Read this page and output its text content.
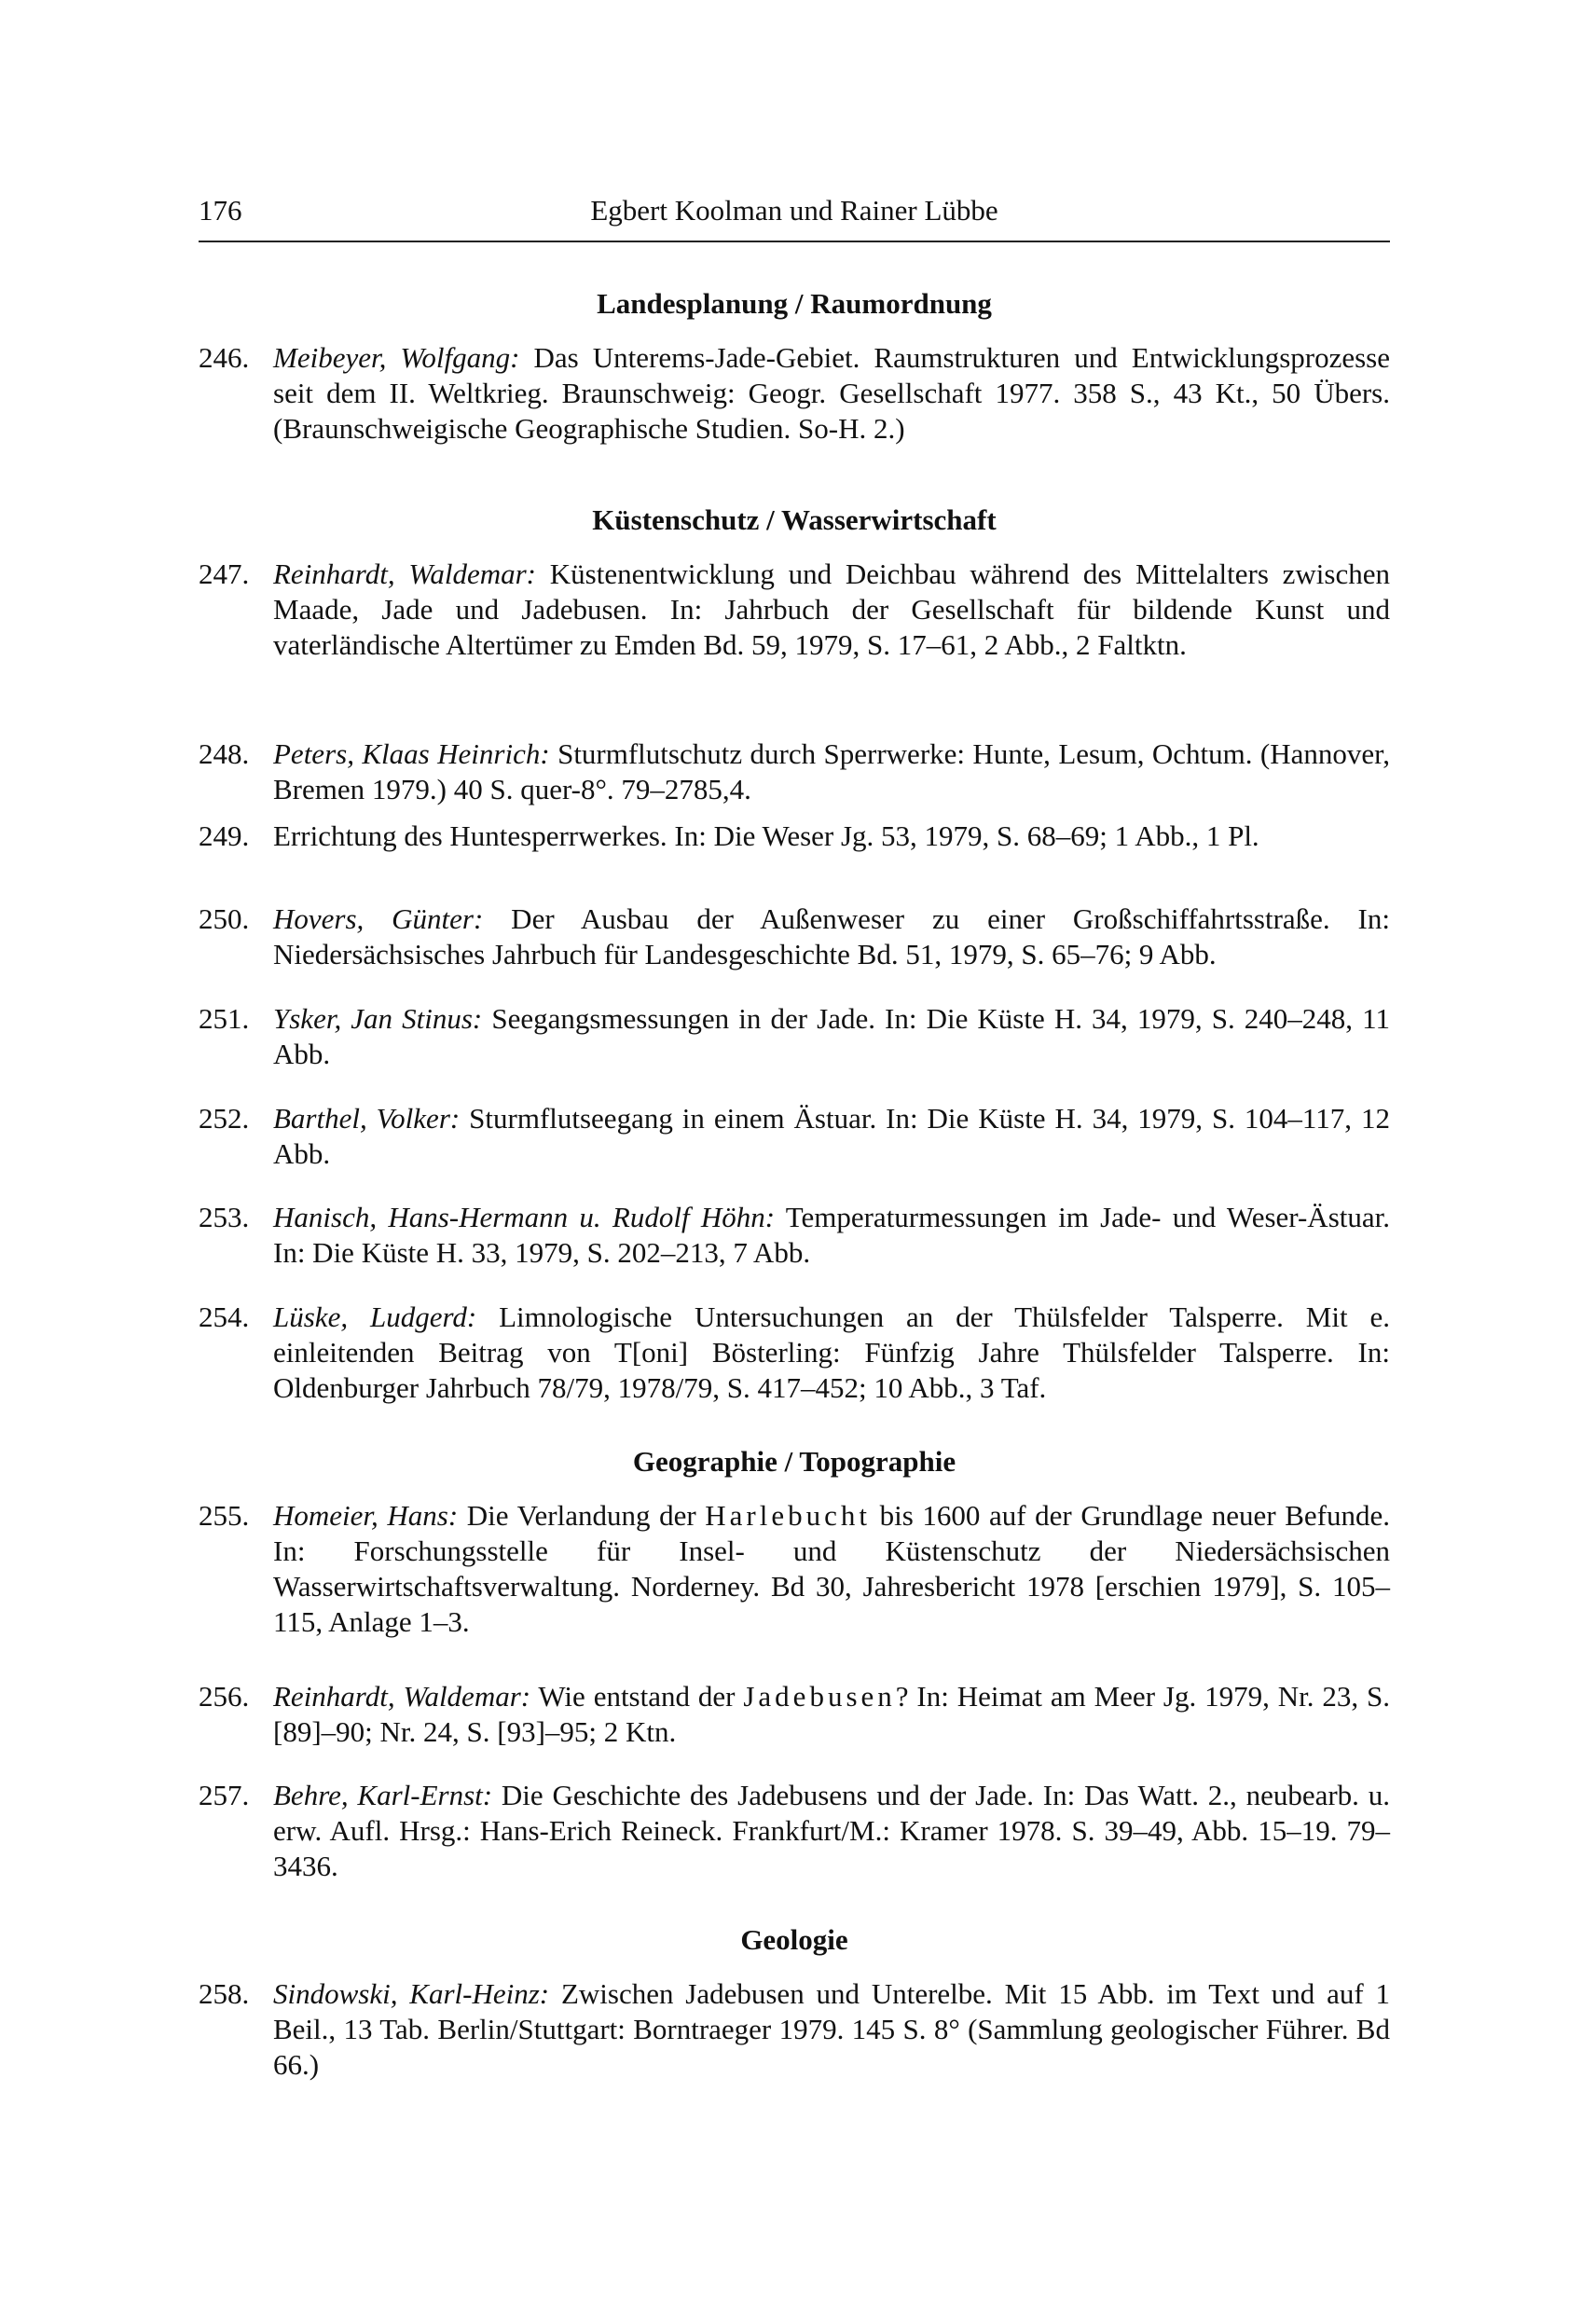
176	Egbert Koolman und Rainer Lübbe
Landesplanung / Raumordnung
246. Meibeyer, Wolfgang: Das Unterems-Jade-Gebiet. Raumstrukturen und Entwicklungsprozesse seit dem II. Weltkrieg. Braunschweig: Geogr. Gesellschaft 1977. 358 S., 43 Kt., 50 Übers. (Braunschweigische Geographische Studien. So-H. 2.)
Küstenschutz / Wasserwirtschaft
247. Reinhardt, Waldemar: Küstenentwicklung und Deichbau während des Mittelalters zwischen Maade, Jade und Jadebusen. In: Jahrbuch der Gesellschaft für bildende Kunst und vaterländische Altertümer zu Emden Bd. 59, 1979, S. 17–61, 2 Abb., 2 Faltktn.
248. Peters, Klaas Heinrich: Sturmflutschutz durch Sperrwerke: Hunte, Lesum, Ochtum. (Hannover, Bremen 1979.) 40 S. quer-8°. 79–2785,4.
249. Errichtung des Huntesperrwerkes. In: Die Weser Jg. 53, 1979, S. 68–69; 1 Abb., 1 Pl.
250. Hovers, Günter: Der Ausbau der Außenweser zu einer Großschiffahrtsstraße. In: Niedersächsisches Jahrbuch für Landesgeschichte Bd. 51, 1979, S. 65–76; 9 Abb.
251. Ysker, Jan Stinus: Seegangsmessungen in der Jade. In: Die Küste H. 34, 1979, S. 240–248, 11 Abb.
252. Barthel, Volker: Sturmflutseegang in einem Ästuar. In: Die Küste H. 34, 1979, S. 104–117, 12 Abb.
253. Hanisch, Hans-Hermann u. Rudolf Höhn: Temperaturmessungen im Jade- und Weser-Ästuar. In: Die Küste H. 33, 1979, S. 202–213, 7 Abb.
254. Lüske, Ludgerd: Limnologische Untersuchungen an der Thülsfelder Talsperre. Mit e. einleitenden Beitrag von T[oni] Bösterling: Fünfzig Jahre Thülsfelder Talsperre. In: Oldenburger Jahrbuch 78/79, 1978/79, S. 417–452; 10 Abb., 3 Taf.
Geographie / Topographie
255. Homeier, Hans: Die Verlandung der Harlebucht bis 1600 auf der Grundlage neuer Befunde. In: Forschungsstelle für Insel- und Küstenschutz der Niedersächsischen Wasserwirtschaftsverwaltung. Norderney. Bd 30, Jahresbericht 1978 [erschien 1979], S. 105–115, Anlage 1–3.
256. Reinhardt, Waldemar: Wie entstand der Jadebusen? In: Heimat am Meer Jg. 1979, Nr. 23, S. [89]–90; Nr. 24, S. [93]–95; 2 Ktn.
257. Behre, Karl-Ernst: Die Geschichte des Jadebusens und der Jade. In: Das Watt. 2., neubearb. u. erw. Aufl. Hrsg.: Hans-Erich Reineck. Frankfurt/M.: Kramer 1978. S. 39–49, Abb. 15–19. 79–3436.
Geologie
258. Sindowski, Karl-Heinz: Zwischen Jadebusen und Unterelbe. Mit 15 Abb. im Text und auf 1 Beil., 13 Tab. Berlin/Stuttgart: Borntraeger 1979. 145 S. 8° (Sammlung geologischer Führer. Bd 66.)
